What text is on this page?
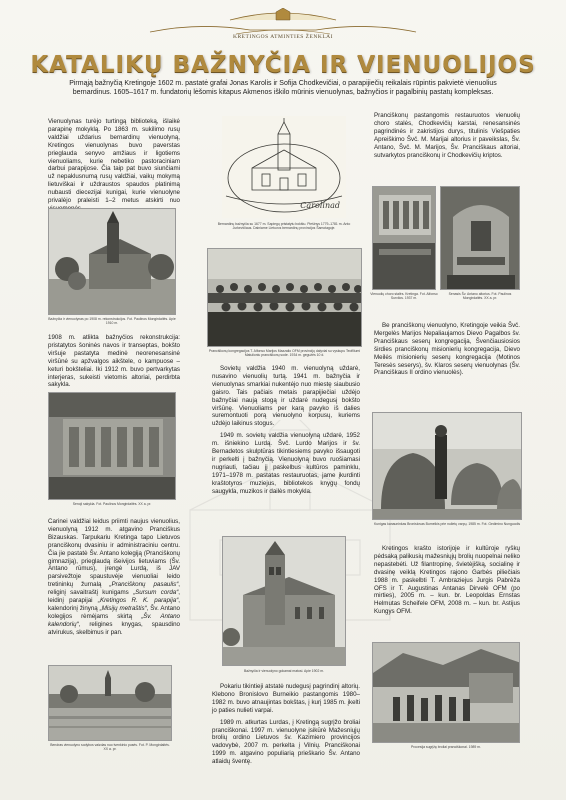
KRETINGOS ATMINTIES ŽENKLAI
KATALIKŲ BAŽNYČIA IR VIENUOLIJOS

Pirmąją bažnyčią Kretingoje 1602 m. pastatė grafai Jonas Karolis ir Sofija Chodkevičiai, o parapijiečių reikalais rūpintis pakvietė vienuolius bernardinus. 1605–1617 m. fundatorių lėšomis kitapus Akmenos iškilo mūrinis vienuolynas, bažnyčios ir pagalbinių pastatų kompleksas.

Vienuolynas turėjo turtingą biblioteką, išlaikė parapinę mokyklą. Po 1863 m. sukilimo rusų valdžiai uždarius bernardinų vienuolyną, Kretingos vienuolynas buvo paverstas prieglauda senyvo amžiaus ir ligotiems vienuoliams, kurie nebetiko pastoraciniam darbui parapijose. Čia taip pat buvo siunčiami už nepaklusnumą rusų valdžiai, vaikų mokymą lietuviškai ir uždraustos spaudos platinimą nubausti diecezijai kunigai, kurie vienuolyne privalėjo praleisti 1–2 metus atskirti nuo
Bažnyčia ir vienuolynas po 1908 m. rekonstrukcijos. Fot. Paulinos Mongirdaitės. Apie 1910 m.
1908 m. atlikta bažnyčios rekonstrukcija: pristatytos šoninės navos ir transeptas, bokšto viršuje pastatyta medinė neorenesansinė viršūnė su apžvalgos aikštele, o kampuose – keturi bokšteliai. Iki 1912 m. buvo pertvarkytas interjeras, sukeisti vietomis altoriai, perdirbta sakykla.
Senoji sakykla. Fot. Paulinos Mongirdaitės. XX a. pr.
Carinei valdžiai leidus priimti naujus vienuolius, vienuolyną 1912 m. atgavino Pranciškus Bizauskas. Tarpukariu Kretinga tapo Lietuvos pranciškonų dvasiniu ir administraciniu centru. Čia jie pastatė Šv. Antano kolegiją (Pranciškonų gimnaziją), prieglaudą išeivijos lietuviams (Šv. Antano rūmus), įrengė Lurdą, iš JAV parsivežtoje spaustuvėje vienuoliai leido tretininkų žurnalą „Pranciškonų pasaulis“, religinį savaitraštį kunigams „Sursum corda“, leidinį parapijai „Kretingos R. K. parapija“, kalendorinį žinyną „Misijų metraštis“, Šv. Antano kolegijos rėmėjams skirtą „Šv. Antano kalendorių“, religines knygas, spausdino atvirukus, skelbimus ir pan.
Bendras vienuolyno sodybos vaizdas nuo tvenkinio pusės. Fot. P. Mongirdaitės. XX a. pr.
Carolinad
Bernardinų bažnyčia su 1677 m. Sapiegų pristatytu bokštu. Piešinys 1779–1781 m. Anto Jurkevičiaus. Dainiarne Lietuvos bernardinų provincijos Šamotagoje.
Pranciškonų kongregacijos T. Alfonso Marijos Mazzalio OFM provincijų dalyviai su vyskupu Teofiliumi Matulioniu pranciškonų sode. 1934 m. gegužės 10 d.

Sovietų valdžia 1940 m. vienuolyną uždarė, nusavino vienuolių turtą. 1941 m. bažnyčia ir vienuolynas smarkiai nukentėjo nuo miestę siaubusio gaisro. Tais pačiais metais parapijiečiai uždėjo bažnyčiai naują stogą ir uždarė nudegusį bokšto viršūnę. Vienuoliams per karą pavyko iš dalies suremontuoti porą vienuolyno korpusų, kuriems uždėjo laikinus stogus.

1949 m. sovietų valdžia vienuolyną uždarė, 1952 m. išniekino Lurdą. Švč. Lurdo Marijos ir šv. Bernadetos skulptūras tikintiesiems pavyko išsaugoti ir perkelti į bažnyčią. Vienuolyną buvo ruošiamasi nugriauti, tačiau jį paskelbus kultūros paminklu, 1971–1978 m. pastatas restauruotas, jame įkurdinti kraštotyros muziejus, bibliotekos knygų fondų saugykla, muzikos ir dailės mokykla.

Bažnyčia ir vienuolyno gokamai matosi. Apie 1902 m.

Pokariu tikintieji atstatė nudegusį pagrindinį altorių. Klebono Bronislovo Burneikio pastangomis 1980–1982 m. buvo atnaujintas bokštas, į kurį 1985 m. įkelti jo paties nulieti varpai.

1989 m. atkurtas Lurdas, į Kretingą sugrįžo broliai pranciškonai. 1997 m. vienuolyne įsikūrė Mažesniųjų brolių ordino Lietuvos šv. Kazimiero provincijos vadovybė, 2007 m. perkelta į Vilnių. Pranciškonai 1999 m. atgavino populiarią prieškario Šv. Antano atlaidų šventę.

Pranciškonų pastangomis restauruotos vienuolių choro stalės, Chodkevičių karstai, renesansinės pagrindinės ir zakristijos durys, titulinis Viešpaties Apreiškimo Švč. M. Marijai altorius ir paveikslas, Šv. Antano, Švč. M. Marijos, Šv. Pranciškaus altoriai, sutvarkytos pranciškonų ir Chodkevičių kriptos.
Vienuolių choro stalės. Kretinga. Fot. Alfonso Survilos. 1937 m.
Senasis Šv. Antano altorius. Fot. Paulinos Mongirdaitės. XX a. pr.

Be pranciškonų vienuolyno, Kretingoje veikia Švč. Mergelės Marijos Nepaliaujamos Dievo Pagalbos šv. Pranciškaus seserų kongregacija, Švenčiausiosios širdies pranciškonų misionierių kongregacija, Dievo Meilės misionierių seserų kongregacija (Motinos Teresės seserys), šv. Klaros seserų vienuolynas (Šv. Pranciškaus II ordino vienuolės).

Kunigas kanauninkas Bronislovas Burneikis prie nulietų varpų. 1985 m. Fot. Gedimino Nunguodis

Kretingos krašto istorijoje ir kultūroje ryškų pėdsaką palikusių mažesniųjų brolių nuopelnai neliko nepastebėti. Už filantropinę, švietėjišką, socialinę ir dvasinę veiklą Kretingos rajono Garbės piliečiais 1988 m. paskelbti T. Ambraziejus Jurgis Pabrėža OFS ir T. Augustinas Antanas Dirvelė OFM (po mirties), 2005 m. – kun. br. Leopoldas Ernstas Helmutas Scheifele OFM, 2008 m. – kun. br. Astijus Kungys OFM.

Procesija sugrįžę broliai pranciškonai. 1989 m.
